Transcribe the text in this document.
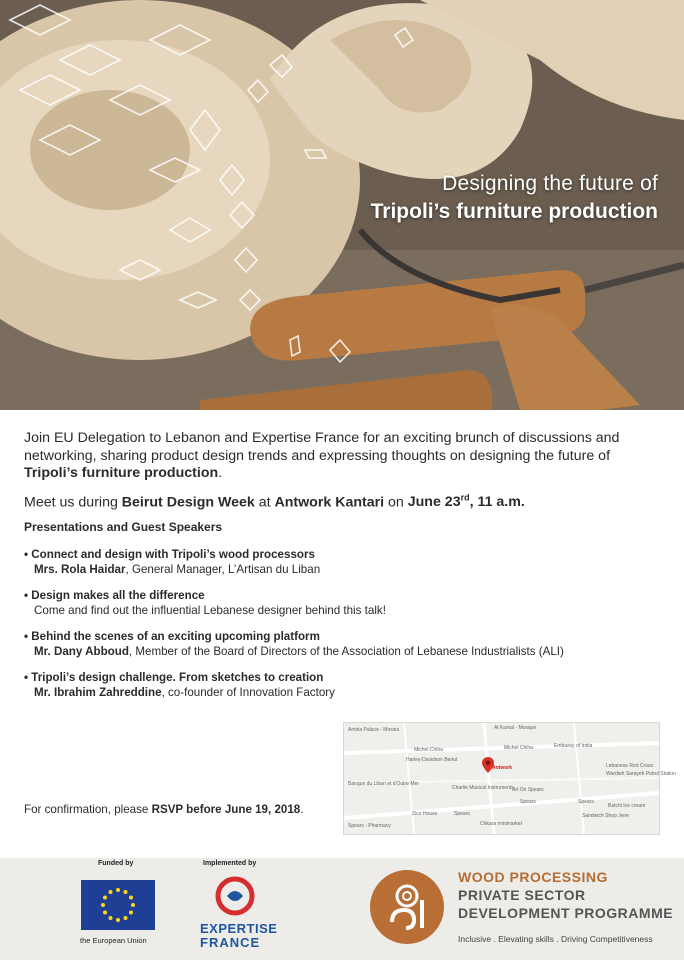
Designing the future of
Tripoli’s furniture production

Join EU Delegation to Lebanon and Expertise France for an exciting brunch of discussions and networking, sharing product design trends and expressing thoughts on designing the future of Tripoli’s furniture production.

Meet us during Beirut Design Week at Antwork Kantari on June 23rd, 11 a.m.

Presentations and Guest Speakers
• Connect and design with Tripoli’s wood processors
Mrs. Rola Haidar, General Manager, L’Artisan du Liban
• Design makes all the difference
Come and find out the influential Lebanese designer behind this talk!
• Behind the scenes of an exciting upcoming platform
Mr. Dany Abboud, Member of the Board of Directors of the Association of Lebanese Industrialists (ALI)
• Tripoli’s design challenge. From sketches to creation
Mr. Ibrahim Zahreddine, co-founder of Innovation Factory
Amiria Palace - Mossia	Al Kamal - Mosque
Michel Chiha	Michel Chiha	Embassy of India
Harley-Davidson Beirut
Lebanese Red Cross
Antwork
Wardieh Sarayeh Petrol Station
Banque du Liban et d'Outre Mer
Charlie Musical Instruments
Art On Spears
Spears	Spears
Spears
Zico House
Chkara minimarket
Spears - Pharmacy
Batchi Ice cream
Sandwich Shop Jene
For confirmation, please RSVP before June 19, 2018.
Funded by
the European Union
Implemented by
EXPERTISE
FRANCE
WOOD PROCESSING
PRIVATE SECTOR
DEVELOPMENT PROGRAMME
Inclusive . Elevating skills . Driving Competitiveness
